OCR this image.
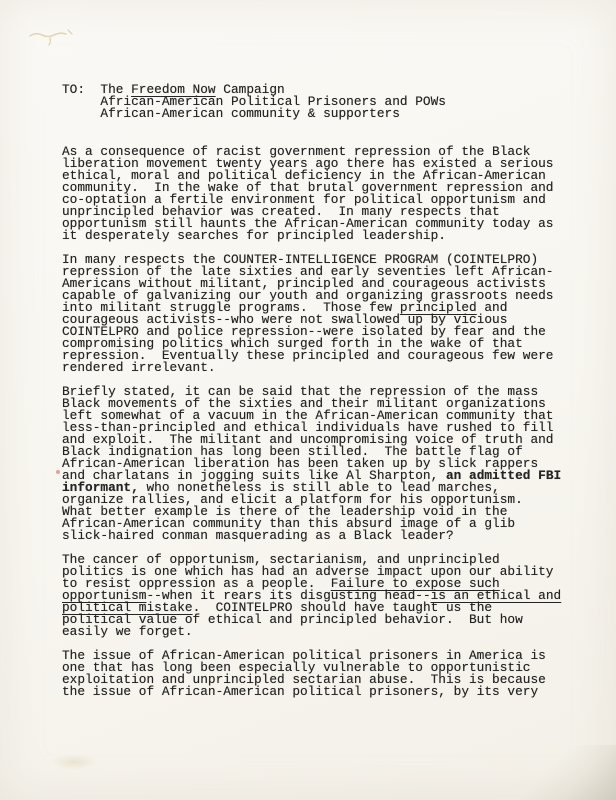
TO:  The Freedom Now Campaign
African-American Political Prisoners and POWs
African-American community & supporters
As a consequence of racist government repression of the Black
liberation movement twenty years ago there has existed a serious
ethical, moral and political deficiency in the African-American
community.  In the wake of that brutal government repression and
co-optation a fertile environment for political opportunism and
unprincipled behavior was created.  In many respects that
opportunism still haunts the African-American community today as
it desperately searches for principled leadership.
In many respects the COUNTER-INTELLIGENCE PROGRAM (COINTELPRO)
repression of the late sixties and early seventies left African-
Americans without militant, principled and courageous activists
capable of galvanizing our youth and organizing grassroots needs
into militant struggle programs.  Those few principled and
courageous activists--who were not swallowed up by vicious
COINTELPRO and police repression--were isolated by fear and the
compromising politics which surged forth in the wake of that
repression.  Eventually these principled and courageous few were
rendered irrelevant.
Briefly stated, it can be said that the repression of the mass
Black movements of the sixties and their militant organizations
left somewhat of a vacuum in the African-American community that
less-than-principled and ethical individuals have rushed to fill
and exploit.  The militant and uncompromising voice of truth and
Black indignation has long been stilled.  The battle flag of
African-American liberation has been taken up by slick rappers
and charlatans in jogging suits like Al Sharpton, an admitted FBI
informant, who nonetheless is still able to lead marches,
organize rallies, and elicit a platform for his opportunism.
What better example is there of the leadership void in the
African-American community than this absurd image of a glib
slick-haired conman masquerading as a Black leader?
The cancer of opportunism, sectarianism, and unprincipled
politics is one which has had an adverse impact upon our ability
to resist oppression as a people.  Failure to expose such
opportunism--when it rears its disgusting head--is an ethical and
political mistake.  COINTELPRO should have taught us the
political value of ethical and principled behavior.  But how
easily we forget.
The issue of African-American political prisoners in America is
one that has long been especially vulnerable to opportunistic
exploitation and unprincipled sectarian abuse.  This is because
the issue of African-American political prisoners, by its very
